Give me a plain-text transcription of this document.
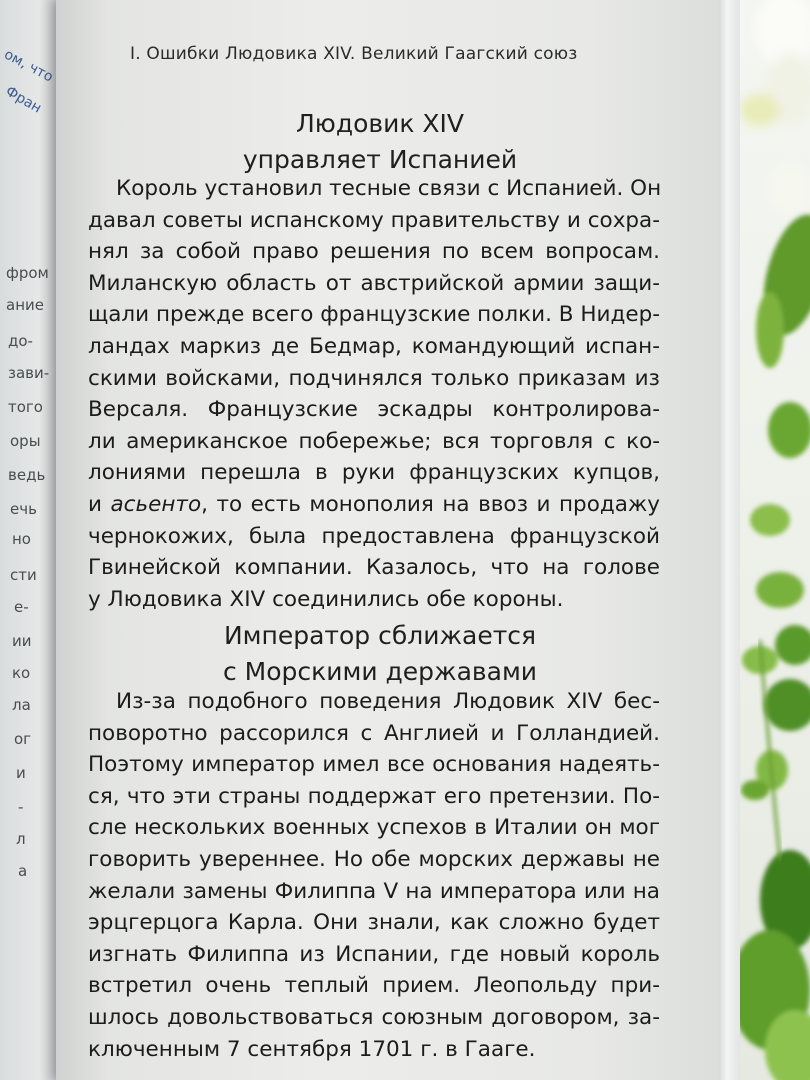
ом, что
Фран
фром
ание
до-
зави-
того
оры
ведь
ечь
но
сти
е-
ии
ко
ла
ог
и
-
л
а
I. Ошибки Людовика XIV. Великий Гаагский союз
Людовик XIV
управляет Испанией
Король установил тесные связи с Испанией. Он
давал советы испанскому правительству и сохра-
нял за собой право решения по всем вопросам.
Миланскую область от австрийской армии защи-
щали прежде всего французские полки. В Нидер-
ландах маркиз де Бедмар, командующий испан-
скими войсками, подчинялся только приказам из
Версаля. Французские эскадры контролирова-
ли американское побережье; вся торговля с ко-
лониями перешла в руки французских купцов,
и асьенто, то есть монополия на ввоз и продажу
чернокожих, была предоставлена французской
Гвинейской компании. Казалось, что на голове
у Людовика XIV соединились обе короны.
Император сближается
с Морскими державами
Из-за подобного поведения Людовик XIV бес-
поворотно рассорился с Англией и Голландией.
Поэтому император имел все основания надеять-
ся, что эти страны поддержат его претензии. По-
сле нескольких военных успехов в Италии он мог
говорить увереннее. Но обе морских державы не
желали замены Филиппа V на императора или на
эрцгерцога Карла. Они знали, как сложно будет
изгнать Филиппа из Испании, где новый король
встретил очень теплый прием. Леопольду при-
шлось довольствоваться союзным договором, за-
ключенным 7 сентября 1701 г. в Гааге.
